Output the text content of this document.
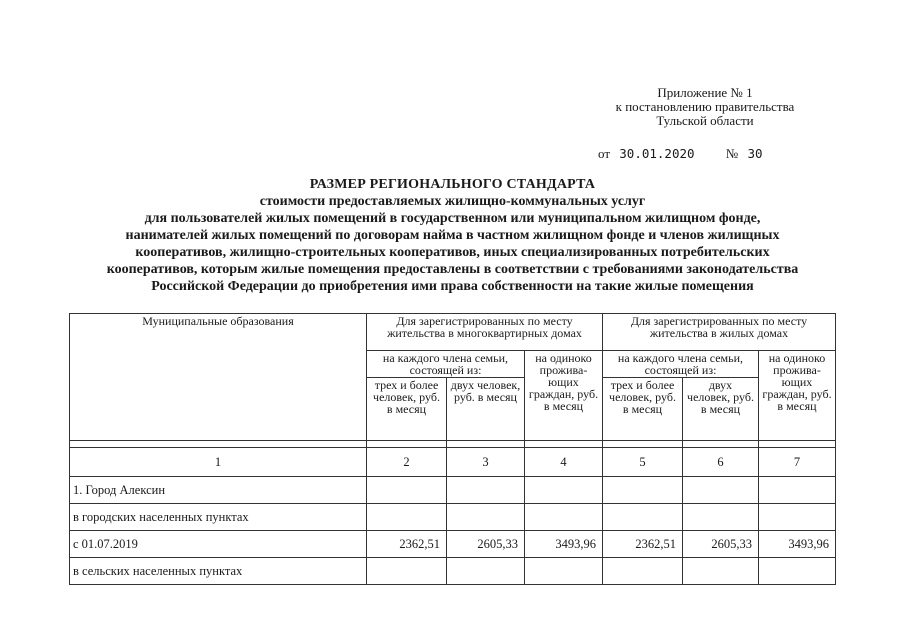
Приложение № 1
к постановлению правительства
Тульской области
от 30.01.2020 № 30
РАЗМЕР РЕГИОНАЛЬНОГО СТАНДАРТА
стоимости предоставляемых жилищно-коммунальных услуг
для пользователей жилых помещений в государственном или муниципальном жилищном фонде,
нанимателей жилых помещений по договорам найма в частном жилищном фонде и членов жилищных
кооперативов, жилищно-строительных кооперативов, иных специализированных потребительских
кооперативов, которым жилые помещения предоставлены в соответствии с требованиями законодательства
Российской Федерации до приобретения ими права собственности на такие жилые помещения
Муниципальные образования	Для зарегистрированных по месту жительства в многоквартирных домах			Для зарегистрированных по месту жительства в жилых домах		
	на каждого члена семьи, состоящей из:		на одиноко прожива-ющих граждан, руб. в месяц	на каждого члена семьи, состоящей из:		на одиноко прожива-ющих граждан, руб. в месяц
	трех и более человек, руб. в месяц	двух человек, руб. в месяц		трех и более человек, руб. в месяц	двух человек, руб. в месяц	

1	2	3	4	5	6	7
1. Город Алексин						
в городских населенных пунктах						
с 01.07.2019	2362,51	2605,33	3493,96	2362,51	2605,33	3493,96
в сельских населенных пунктах						
